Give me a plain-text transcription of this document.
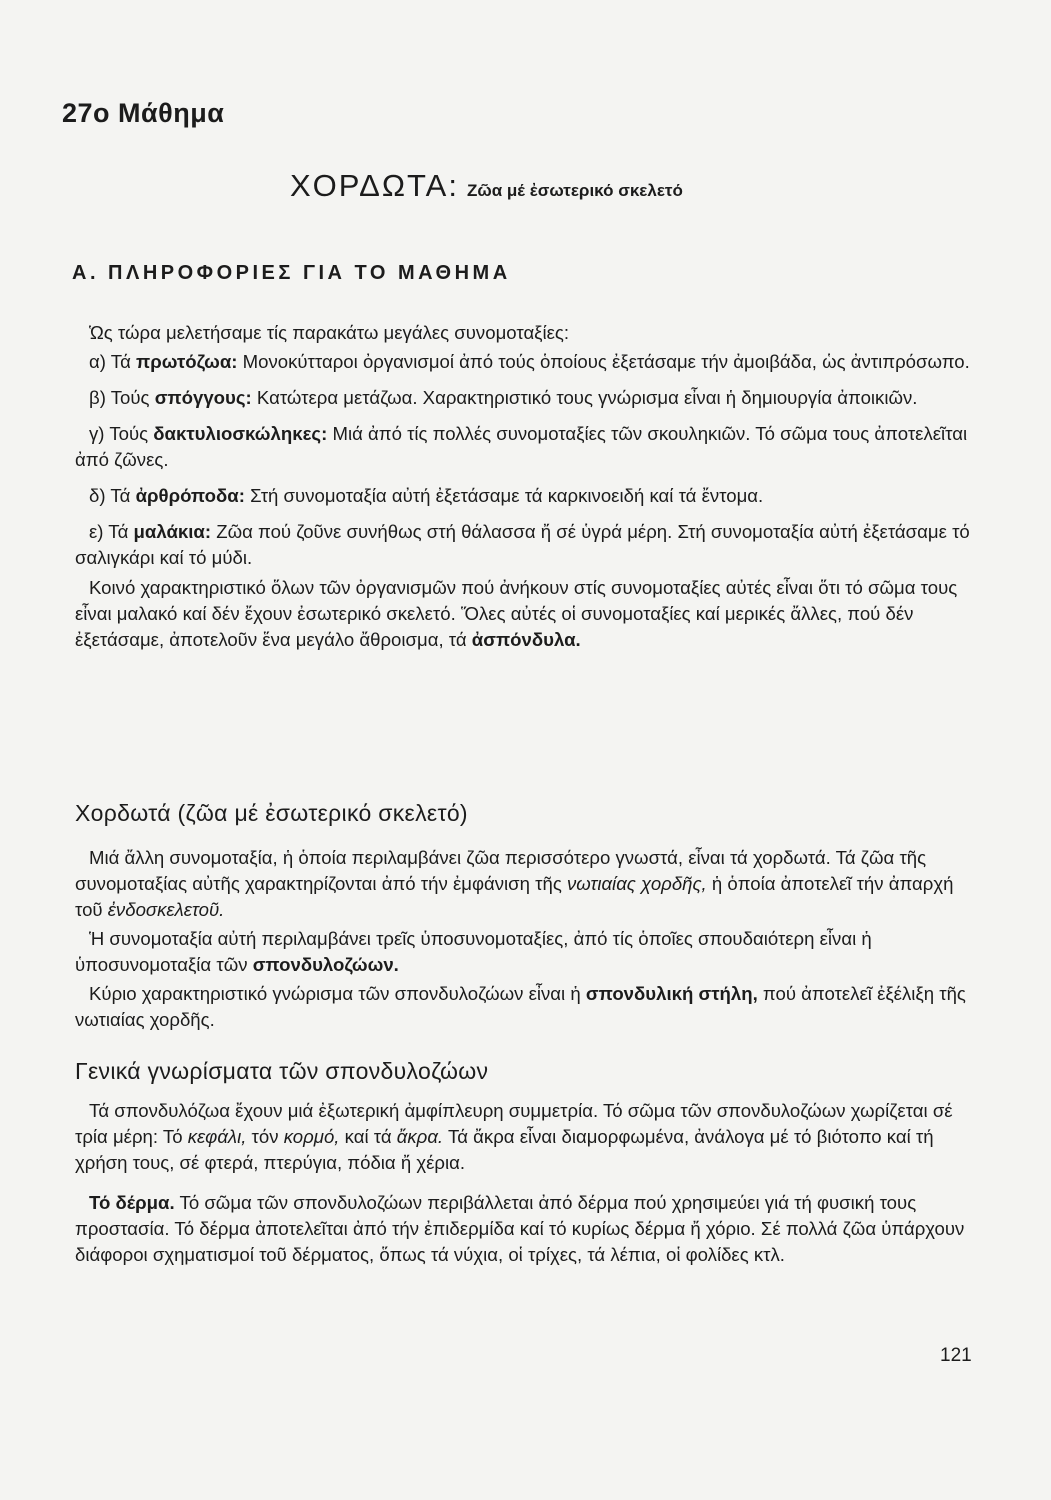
27ο Μάθημα
ΧΟΡΔΩΤΑ: Ζῶα μέ ἐσωτερικό σκελετό
Α. ΠΛΗΡΟΦΟΡΙΕΣ ΓΙΑ ΤΟ ΜΑΘΗΜΑ

Ὡς τώρα μελετήσαμε τίς παρακάτω μεγάλες συνομοταξίες:

α) Τά πρωτόζωα: Μονοκύτταροι ὀργανισμοί ἀπό τούς ὁποίους ἐξετάσαμε τήν ἀμοιβάδα, ὡς ἀντιπρόσωπο.

β) Τούς σπόγγους: Κατώτερα μετάζωα. Χαρακτηριστικό τους γνώρισμα εἶναι ἡ δημιουργία ἀποικιῶν.

γ) Τούς δακτυλιοσκώληκες: Μιά ἀπό τίς πολλές συνομοταξίες τῶν σκουληκιῶν. Τό σῶμα τους ἀποτελεῖται ἀπό ζῶνες.

δ) Τά ἀρθρόποδα: Στή συνομοταξία αὐτή ἐξετάσαμε τά καρκινοειδή καί τά ἔντομα.

ε) Τά μαλάκια: Ζῶα πού ζοῦνε συνήθως στή θάλασσα ἤ σέ ὑγρά μέρη. Στή συνομοταξία αὐτή ἐξετάσαμε τό σαλιγκάρι καί τό μύδι.

Κοινό χαρακτηριστικό ὅλων τῶν ὀργανισμῶν πού ἀνήκουν στίς συνομοταξίες αὐτές εἶναι ὅτι τό σῶμα τους εἶναι μαλακό καί δέν ἔχουν ἐσωτερικό σκελετό. Ὅλες αὐτές οἱ συνομοταξίες καί μερικές ἄλλες, πού δέν ἐξετάσαμε, ἀποτελοῦν ἕνα μεγάλο ἄθροισμα, τά ἀσπόνδυλα.

Χορδωτά (ζῶα μέ ἐσωτερικό σκελετό)

Μιά ἄλλη συνομοταξία, ἡ ὁποία περιλαμβάνει ζῶα περισσότερο γνωστά, εἶναι τά χορδωτά. Τά ζῶα τῆς συνομοταξίας αὐτῆς χαρακτηρίζονται ἀπό τήν ἐμφάνιση τῆς νωτιαίας χορδῆς, ἡ ὁποία ἀποτελεῖ τήν ἀπαρχή τοῦ ἐνδοσκελετοῦ.

Ἡ συνομοταξία αὐτή περιλαμβάνει τρεῖς ὑποσυνομοταξίες, ἀπό τίς ὁποῖες σπουδαιότερη εἶναι ἡ ὑποσυνομοταξία τῶν σπονδυλοζώων.

Κύριο χαρακτηριστικό γνώρισμα τῶν σπονδυλοζώων εἶναι ἡ σπονδυλική στήλη, πού ἀποτελεῖ ἐξέλιξη τῆς νωτιαίας χορδῆς.

Γενικά γνωρίσματα τῶν σπονδυλοζώων

Τά σπονδυλόζωα ἔχουν μιά ἐξωτερική ἀμφίπλευρη συμμετρία. Τό σῶμα τῶν σπονδυλοζώων χωρίζεται σέ τρία μέρη: Τό κεφάλι, τόν κορμό, καί τά ἄκρα. Τά ἄκρα εἶναι διαμορφωμένα, ἀνάλογα μέ τό βιότοπο καί τή χρήση τους, σέ φτερά, πτερύγια, πόδια ἤ χέρια.

Τό δέρμα. Τό σῶμα τῶν σπονδυλοζώων περιβάλλεται ἀπό δέρμα πού χρησιμεύει γιά τή φυσική τους προστασία. Τό δέρμα ἀποτελεῖται ἀπό τήν ἐπιδερμίδα καί τό κυρίως δέρμα ἤ χόριο. Σέ πολλά ζῶα ὑπάρχουν διάφοροι σχηματισμοί τοῦ δέρματος, ὅπως τά νύχια, οἱ τρίχες, τά λέπια, οἱ φολίδες κτλ.

121
